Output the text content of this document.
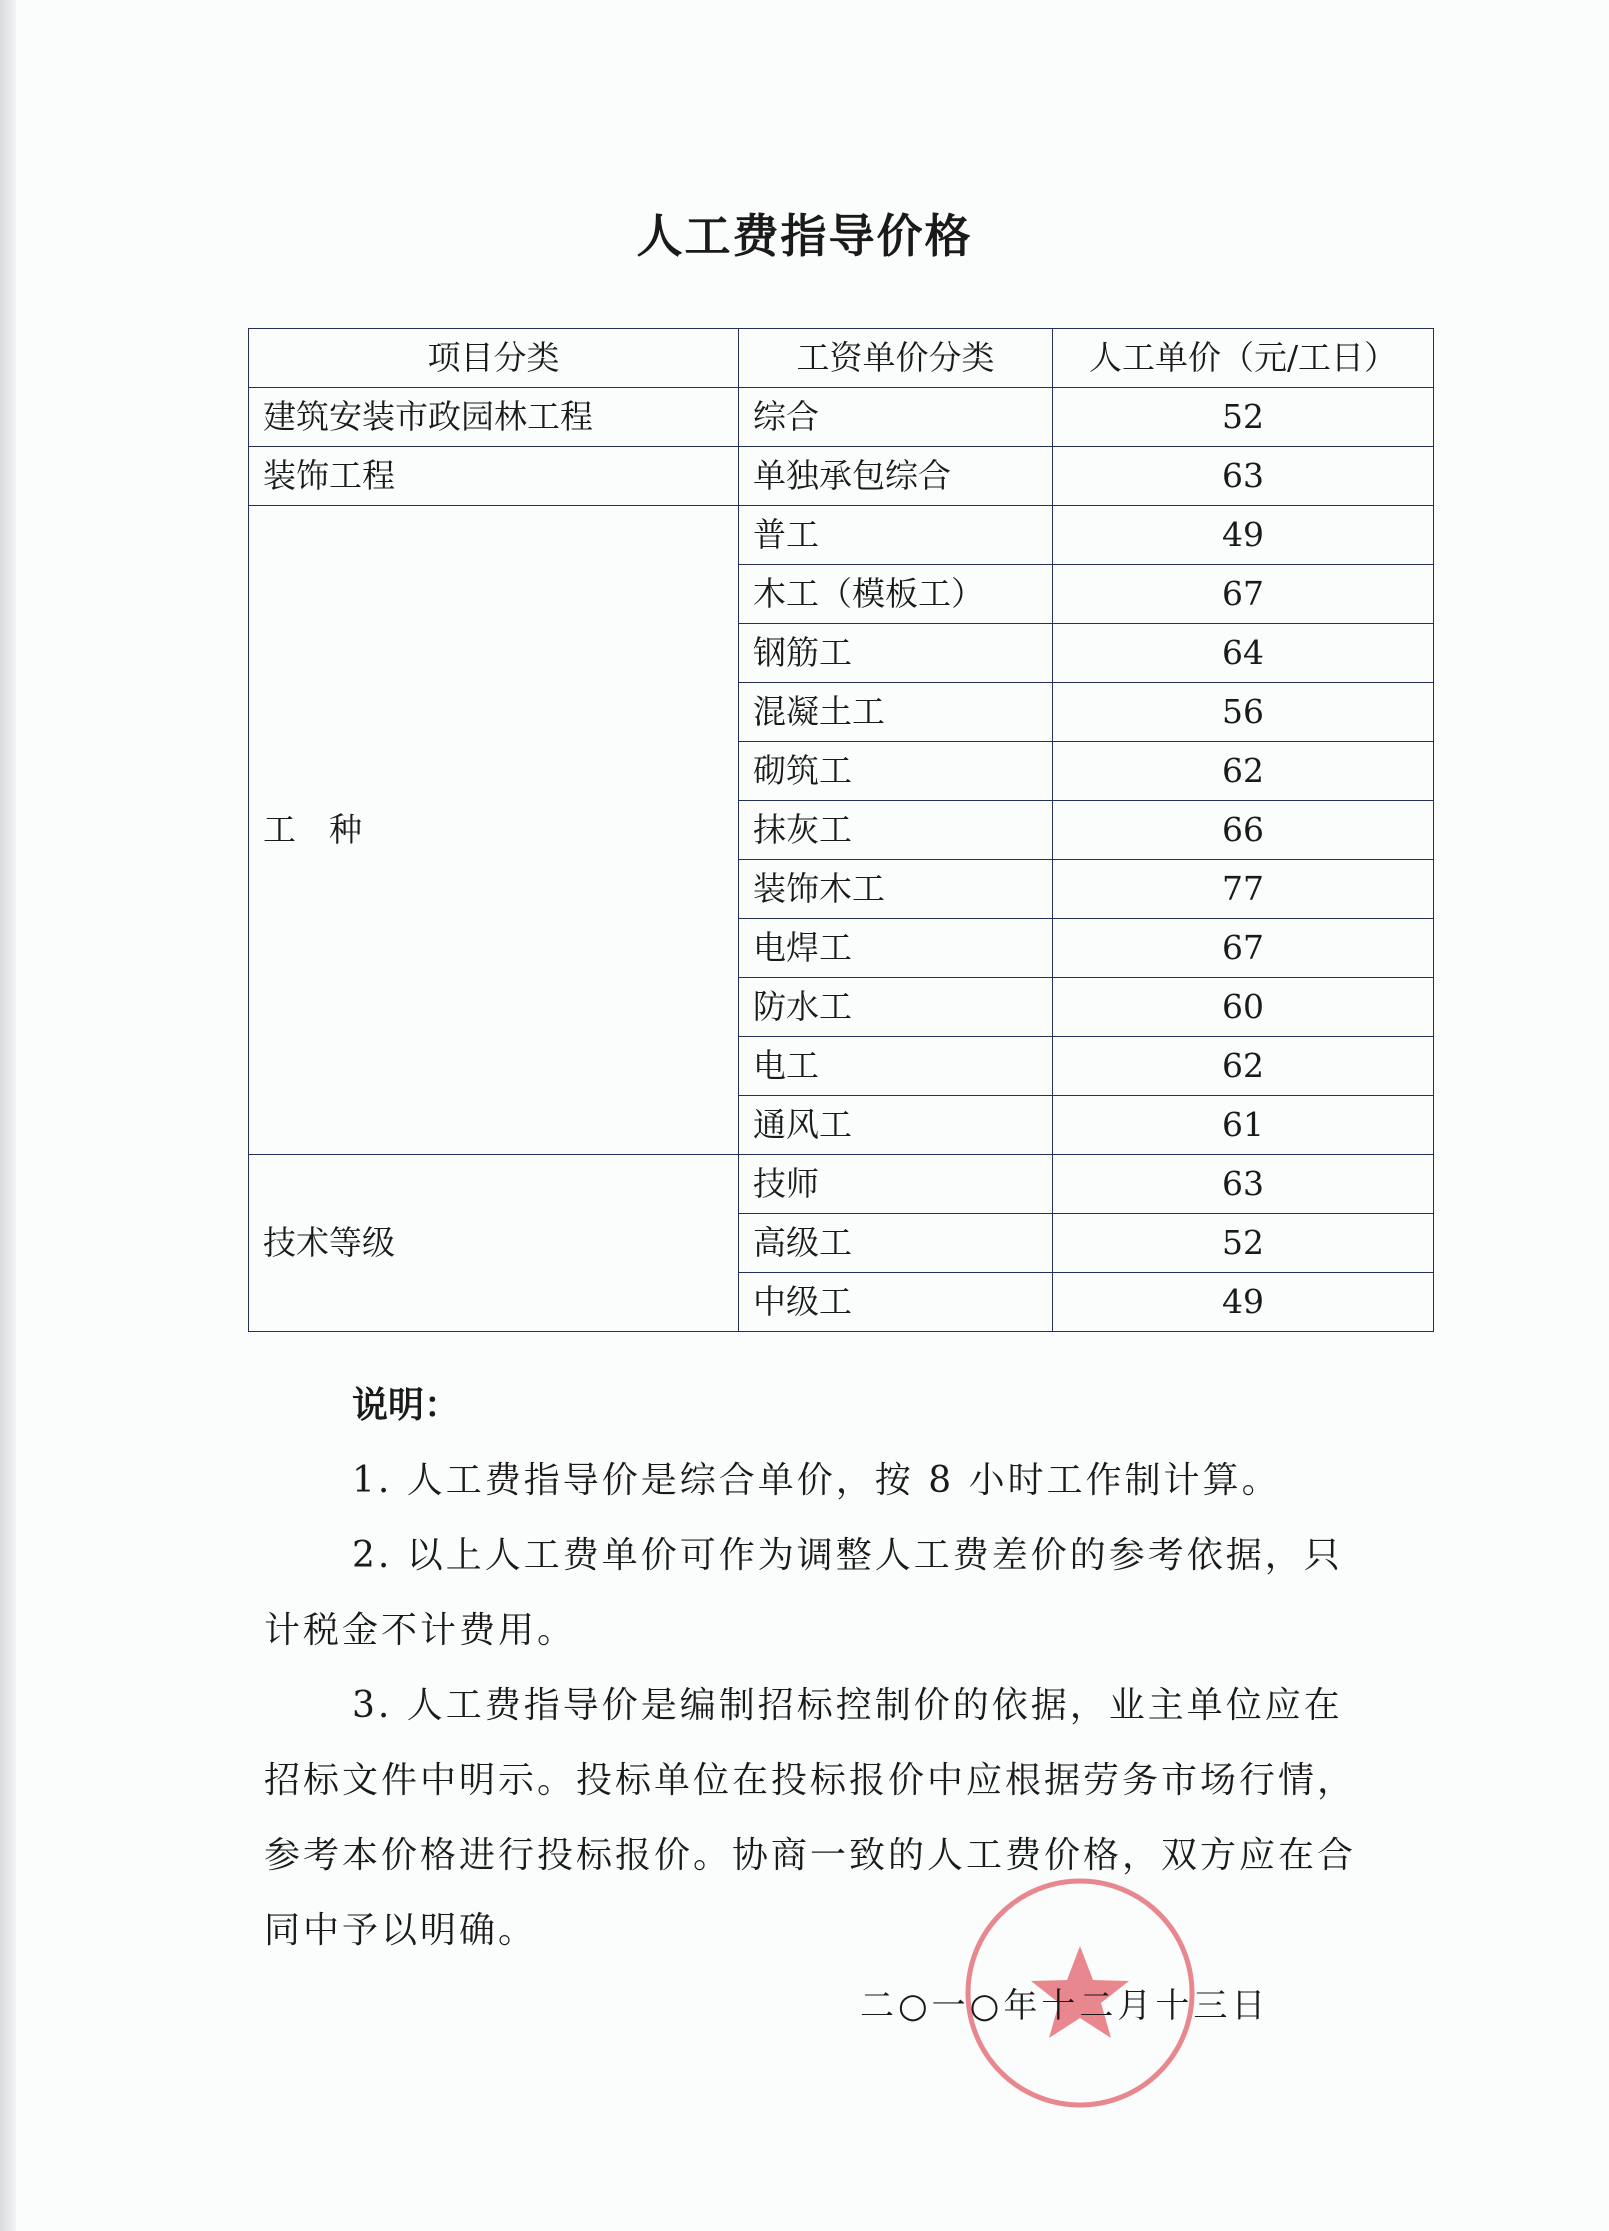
人工费指导价格
项目分类	工资单价分类	人工单价（元/工日）
建筑安装市政园林工程	综合	52
装饰工程	单独承包综合	63
工　种	普工	49
	木工（模板工）	67
	钢筋工	64
	混凝土工	56
	砌筑工	62
	抹灰工	66
	装饰木工	77
	电焊工	67
	防水工	60
	电工	62
	通风工	61
技术等级	技师	63
	高级工	52
	中级工	49
说明：

1. 人工费指导价是综合单价，按 8 小时工作制计算。

2. 以上人工费单价可作为调整人工费差价的参考依据，只计税金不计费用。

3. 人工费指导价是编制招标控制价的依据，业主单位应在招标文件中明示。投标单位在投标报价中应根据劳务市场行情，参考本价格进行投标报价。协商一致的人工费价格，双方应在合同中予以明确。

二○一○年十二月十三日
